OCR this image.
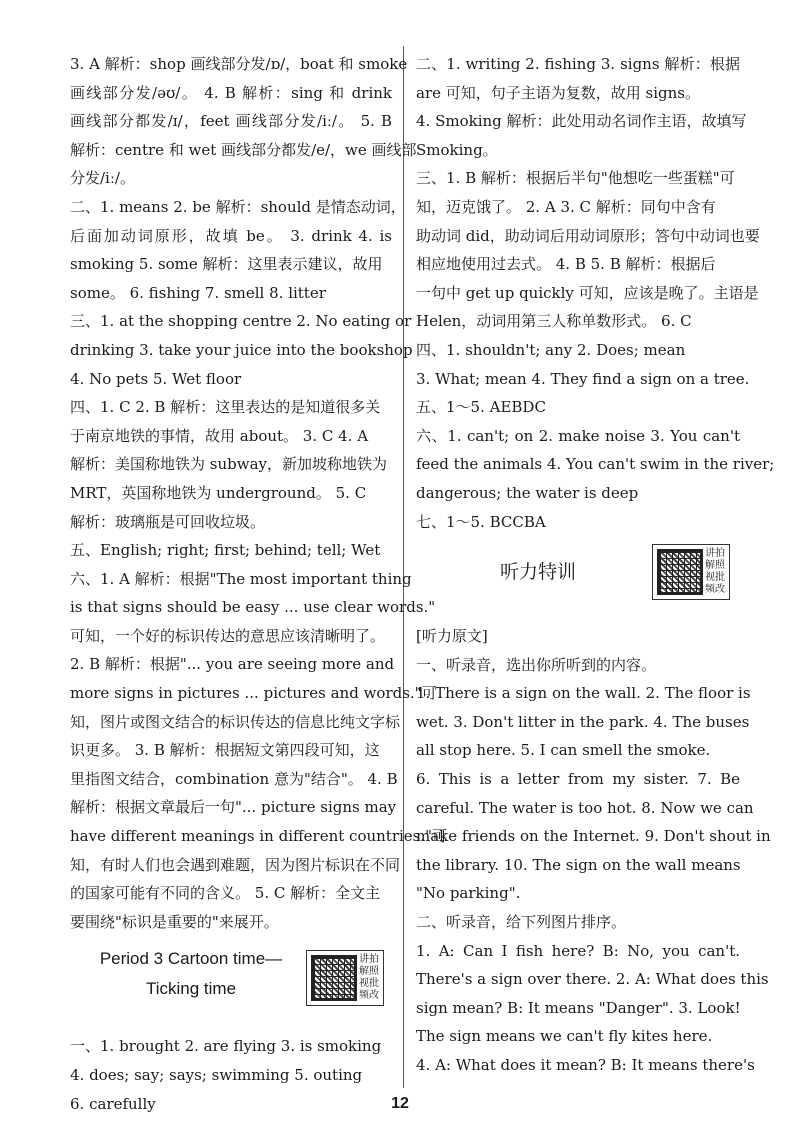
3. A 解析：shop 画线部分发/ɒ/，boat 和 smoke
画线部分发/əʊ/。 4. B 解析：sing 和 drink
画线部分都发/ɪ/，feet 画线部分发/iː/。 5. B
解析：centre 和 wet 画线部分都发/e/，we 画线部
分发/iː/。
二、1. means 2. be 解析：should 是情态动词，
后面加动词原形，故填 be。 3. drink 4. is
smoking 5. some 解析：这里表示建议，故用
some。 6. fishing 7. smell 8. litter
三、1. at the shopping centre 2. No eating or
drinking 3. take your juice into the bookshop
4. No pets 5. Wet floor
四、1. C 2. B 解析：这里表达的是知道很多关
于南京地铁的事情，故用 about。 3. C 4. A
解析：美国称地铁为 subway，新加坡称地铁为
MRT，英国称地铁为 underground。 5. C
解析：玻璃瓶是可回收垃圾。
五、English; right; first; behind; tell; Wet
六、1. A 解析：根据"The most important thing
is that signs should be easy ... use clear words."
可知，一个好的标识传达的意思应该清晰明了。
2. B 解析：根据"... you are seeing more and
more signs in pictures ... pictures and words."可
知，图片或图文结合的标识传达的信息比纯文字标
识更多。 3. B 解析：根据短文第四段可知，这
里指图文结合，combination 意为"结合"。 4. B
解析：根据文章最后一句"... picture signs may
have different meanings in different countries."可
知，有时人们也会遇到难题，因为图片标识在不同
的国家可能有不同的含义。 5. C 解析：全文主
要围绕"标识是重要的"来展开。
Period 3 Cartoon time—
Ticking time
讲拍解照视批频改
一、1. brought 2. are flying 3. is smoking
4. does; say; says; swimming 5. outing
6. carefully
二、1. writing 2. fishing 3. signs 解析：根据
are 可知，句子主语为复数，故用 signs。
4. Smoking 解析：此处用动名词作主语，故填写
Smoking。
三、1. B 解析：根据后半句"他想吃一些蛋糕"可
知，迈克饿了。 2. A 3. C 解析：同句中含有
助动词 did，助动词后用动词原形；答句中动词也要
相应地使用过去式。 4. B 5. B 解析：根据后
一句中 get up quickly 可知，应该是晚了。主语是
Helen，动词用第三人称单数形式。 6. C
四、1. shouldn't; any 2. Does; mean
3. What; mean 4. They find a sign on a tree.
五、1～5. AEBDC
六、1. can't; on 2. make noise 3. You can't
feed the animals 4. You can't swim in the river;
dangerous; the water is deep
七、1～5. BCCBA
听力特训
讲拍解照视批频改
[听力原文]
一、听录音，选出你所听到的内容。
1. There is a sign on the wall. 2. The floor is
wet. 3. Don't litter in the park. 4. The buses
all stop here. 5. I can smell the smoke.
6. This is a letter from my sister. 7. Be
careful. The water is too hot. 8. Now we can
make friends on the Internet. 9. Don't shout in
the library. 10. The sign on the wall means
"No parking".
二、听录音，给下列图片排序。
1. A: Can I fish here? B: No, you can't.
There's a sign over there. 2. A: What does this
sign mean? B: It means "Danger". 3. Look!
The sign means we can't fly kites here.
4. A: What does it mean? B: It means there's
12
